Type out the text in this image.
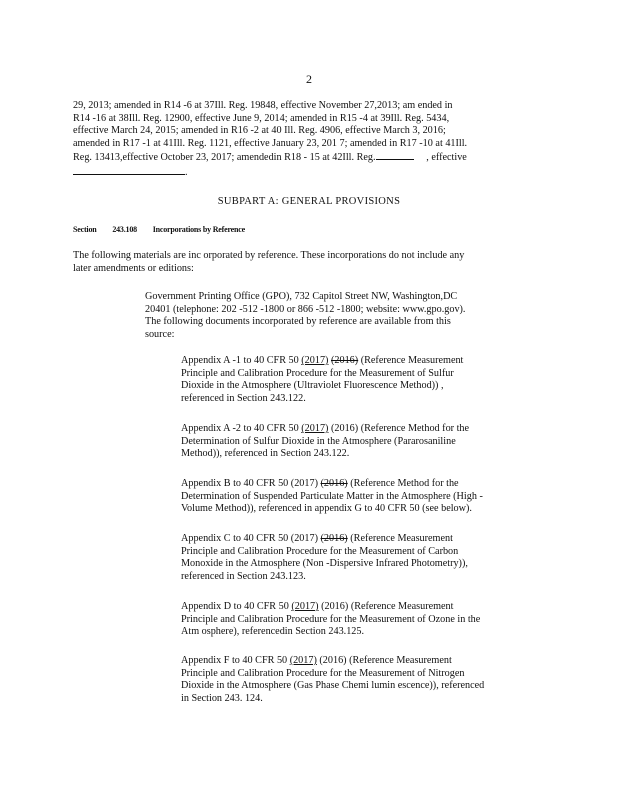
2
29, 2013; amended in R14 -6 at 37Ill. Reg. 19848, effective November 27,2013; am ended in
R14 -16 at 38Ill. Reg. 12900, effective June 9, 2014; amended in R15 -4 at 39Ill. Reg. 5434,
effective March 24, 2015; amended in R16 -2 at 40 Ill. Reg. 4906, effective March 3, 2016;
amended in R17 -1 at 41Ill. Reg. 1121, effective January 23, 201 7; amended in R17 -10 at 41Ill.
Reg. 13413,effective October 23, 2017; amendedin R18 - 15 at 42Ill. Reg.	, effective
.
SUBPART A: GENERAL PROVISIONS
Section 243.108 Incorporations by Reference
The following materials are inc orporated by reference. These incorporations do not include any
later amendments or editions:
Government Printing Office (GPO), 732 Capitol Street NW, Washington,DC
20401 (telephone: 202 -512 -1800 or 866 -512 -1800; website: www.gpo.gov).
The following documents incorporated by reference are available from this
source:
Appendix A -1 to 40 CFR 50 (2017) (2016) (Reference Measurement
Principle and Calibration Procedure for the Measurement of Sulfur
Dioxide in the Atmosphere (Ultraviolet Fluorescence Method)) ,
referenced in Section 243.122.
Appendix A -2 to 40 CFR 50 (2017) (2016) (Reference Method for the
Determination of Sulfur Dioxide in the Atmosphere (Pararosaniline
Method)), referenced in Section 243.122.
Appendix B to 40 CFR 50 (2017) (2016) (Reference Method for the
Determination of Suspended Particulate Matter in the Atmosphere (High -
Volume Method)), referenced in appendix G to 40 CFR 50 (see below).
Appendix C to 40 CFR 50 (2017) (2016) (Reference Measurement
Principle and Calibration Procedure for the Measurement of Carbon
Monoxide in the Atmosphere (Non -Dispersive Infrared Photometry)),
referenced in Section 243.123.
Appendix D to 40 CFR 50 (2017) (2016) (Reference Measurement
Principle and Calibration Procedure for the Measurement of Ozone in the
Atm osphere), referencedin Section 243.125.
Appendix F to 40 CFR 50 (2017) (2016) (Reference Measurement
Principle and Calibration Procedure for the Measurement of Nitrogen
Dioxide in the Atmosphere (Gas Phase Chemi lumin escence)), referenced
in Section 243. 124.
